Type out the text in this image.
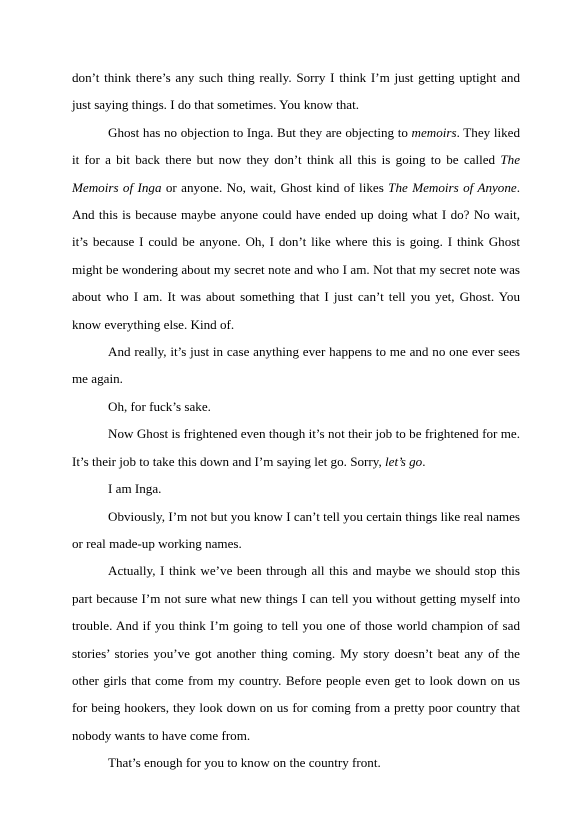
don’t think there’s any such thing really. Sorry I think I’m just getting uptight and just saying things. I do that sometimes. You know that.

Ghost has no objection to Inga. But they are objecting to memoirs. They liked it for a bit back there but now they don’t think all this is going to be called The Memoirs of Inga or anyone. No, wait, Ghost kind of likes The Memoirs of Anyone. And this is because maybe anyone could have ended up doing what I do? No wait, it’s because I could be anyone. Oh, I don’t like where this is going. I think Ghost might be wondering about my secret note and who I am. Not that my secret note was about who I am. It was about something that I just can’t tell you yet, Ghost. You know everything else. Kind of.

And really, it’s just in case anything ever happens to me and no one ever sees me again.

Oh, for fuck’s sake.

Now Ghost is frightened even though it’s not their job to be frightened for me. It’s their job to take this down and I’m saying let go. Sorry, let’s go.

I am Inga.

Obviously, I’m not but you know I can’t tell you certain things like real names or real made-up working names.

Actually, I think we’ve been through all this and maybe we should stop this part because I’m not sure what new things I can tell you without getting myself into trouble. And if you think I’m going to tell you one of those world champion of sad stories’ stories you’ve got another thing coming. My story doesn’t beat any of the other girls that come from my country. Before people even get to look down on us for being hookers, they look down on us for coming from a pretty poor country that nobody wants to have come from.

That’s enough for you to know on the country front.
